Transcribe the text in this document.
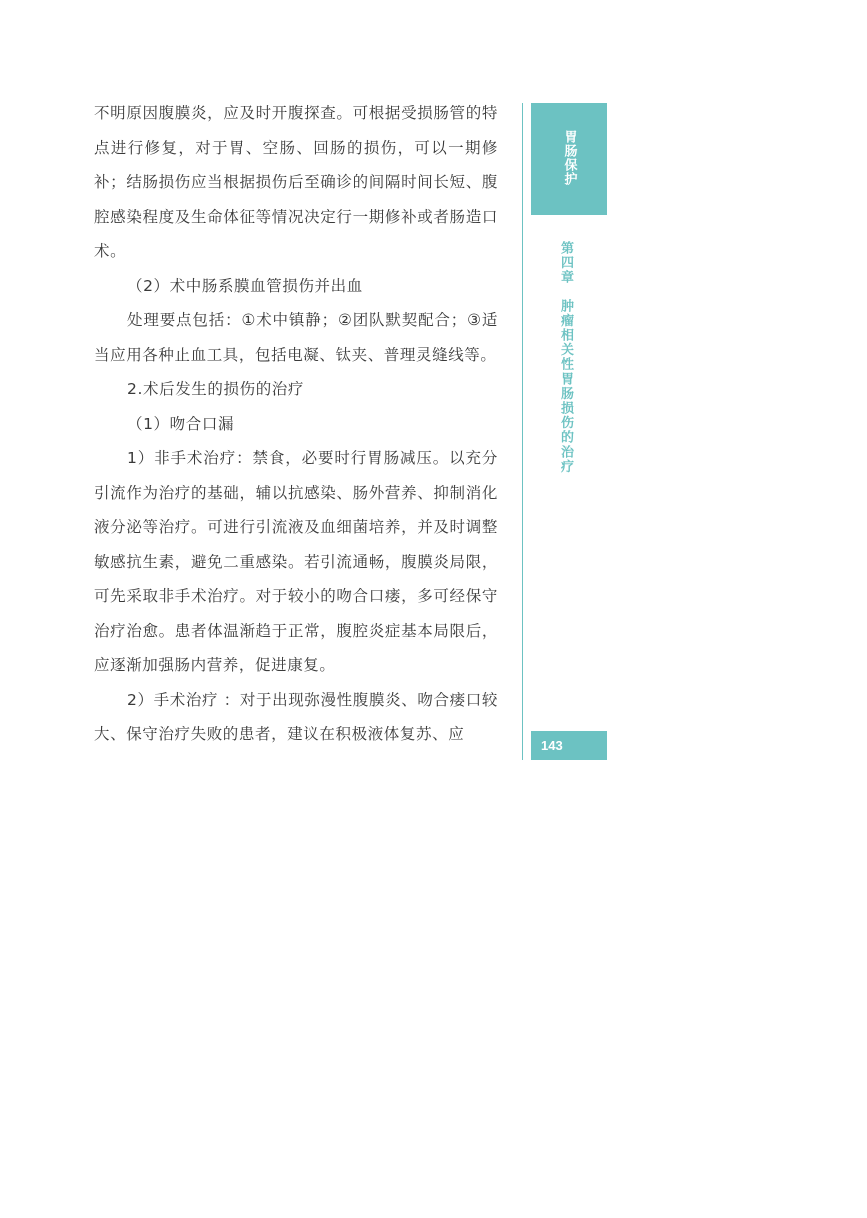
不明原因腹膜炎，应及时开腹探查。可根据受损肠管的特点进行修复，对于胃、空肠、回肠的损伤，可以一期修补；结肠损伤应当根据损伤后至确诊的间隔时间长短、腹腔感染程度及生命体征等情况决定行一期修补或者肠造口术。

（2）术中肠系膜血管损伤并出血

处理要点包括：①术中镇静；②团队默契配合；③适当应用各种止血工具，包括电凝、钛夹、普理灵缝线等。

2.术后发生的损伤的治疗

（1）吻合口漏

1）非手术治疗：禁食，必要时行胃肠减压。以充分引流作为治疗的基础，辅以抗感染、肠外营养、抑制消化液分泌等治疗。可进行引流液及血细菌培养，并及时调整敏感抗生素，避免二重感染。若引流通畅，腹膜炎局限，可先采取非手术治疗。对于较小的吻合口瘘，多可经保守治疗治愈。患者体温渐趋于正常，腹腔炎症基本局限后，应逐渐加强肠内营养，促进康复。

2）手术治疗 ：对于出现弥漫性腹膜炎、吻合瘘口较大、保守治疗失败的患者，建议在积极液体复苏、应

胃肠保护
第四章肿瘤相关性胃肠损伤的治疗
143
